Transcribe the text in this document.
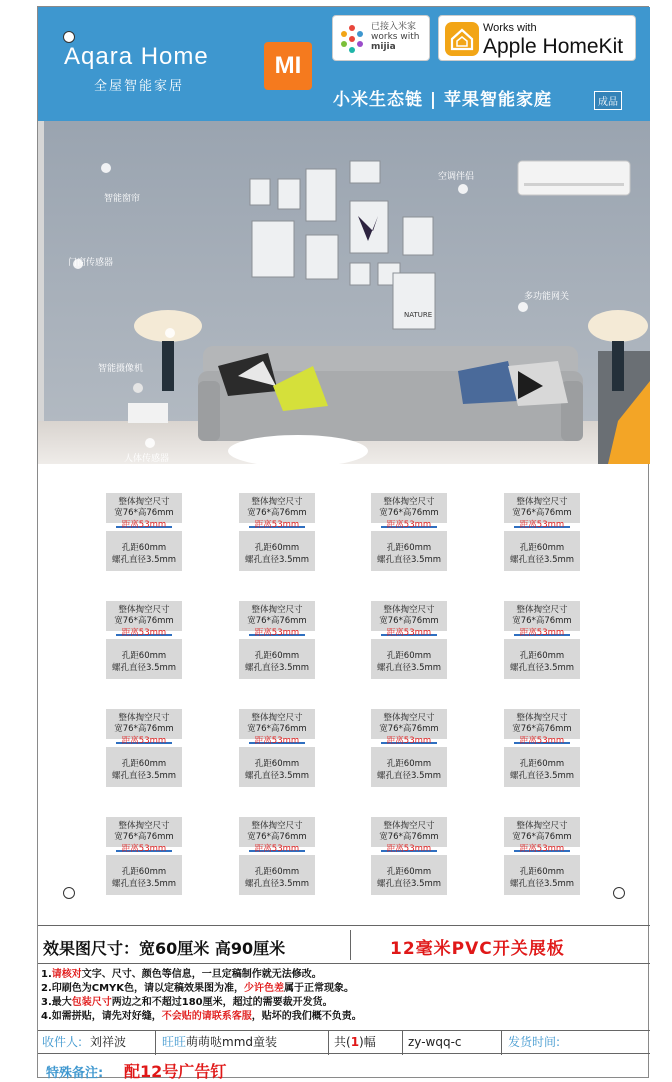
Aqara Home
全屋智能家居
MI
已接入米家
works with
mijia
Works with
Apple HomeKit
小米生态链 | 苹果智能家庭	成品
智能窗帘
空调伴侣
门窗传感器
多功能网关
智能摄像机
人体传感器
NATURE
整体掏空尺寸
宽76*高76mm
距离53mm
孔距60mm
螺孔直径3.5mm
整体掏空尺寸
宽76*高76mm
距离53mm
孔距60mm
螺孔直径3.5mm
整体掏空尺寸
宽76*高76mm
距离53mm
孔距60mm
螺孔直径3.5mm
整体掏空尺寸
宽76*高76mm
距离53mm
孔距60mm
螺孔直径3.5mm
整体掏空尺寸
宽76*高76mm
距离53mm
孔距60mm
螺孔直径3.5mm
整体掏空尺寸
宽76*高76mm
距离53mm
孔距60mm
螺孔直径3.5mm
整体掏空尺寸
宽76*高76mm
距离53mm
孔距60mm
螺孔直径3.5mm
整体掏空尺寸
宽76*高76mm
距离53mm
孔距60mm
螺孔直径3.5mm
整体掏空尺寸
宽76*高76mm
距离53mm
孔距60mm
螺孔直径3.5mm
整体掏空尺寸
宽76*高76mm
距离53mm
孔距60mm
螺孔直径3.5mm
整体掏空尺寸
宽76*高76mm
距离53mm
孔距60mm
螺孔直径3.5mm
整体掏空尺寸
宽76*高76mm
距离53mm
孔距60mm
螺孔直径3.5mm
整体掏空尺寸
宽76*高76mm
距离53mm
孔距60mm
螺孔直径3.5mm
整体掏空尺寸
宽76*高76mm
距离53mm
孔距60mm
螺孔直径3.5mm
整体掏空尺寸
宽76*高76mm
距离53mm
孔距60mm
螺孔直径3.5mm
整体掏空尺寸
宽76*高76mm
距离53mm
孔距60mm
螺孔直径3.5mm
效果图尺寸：宽60厘米 高90厘米	12毫米PVC开关展板
1.请核对文字、尺寸、颜色等信息，一旦定稿制作就无法修改。
2.印刷色为CMYK色，请以定稿效果图为准，少许色差属于正常现象。
3.最大包装尺寸两边之和不超过180厘米，超过的需要裁开发货。
4.如需拼贴，请先对好缝，不会贴的请联系客服，贴坏的我们概不负责。
收件人: 刘祥波	旺旺萌萌哒mmd童装	共(1)幅	zy-wqq-c	发货时间:
特殊备注: 配12号广告钉
